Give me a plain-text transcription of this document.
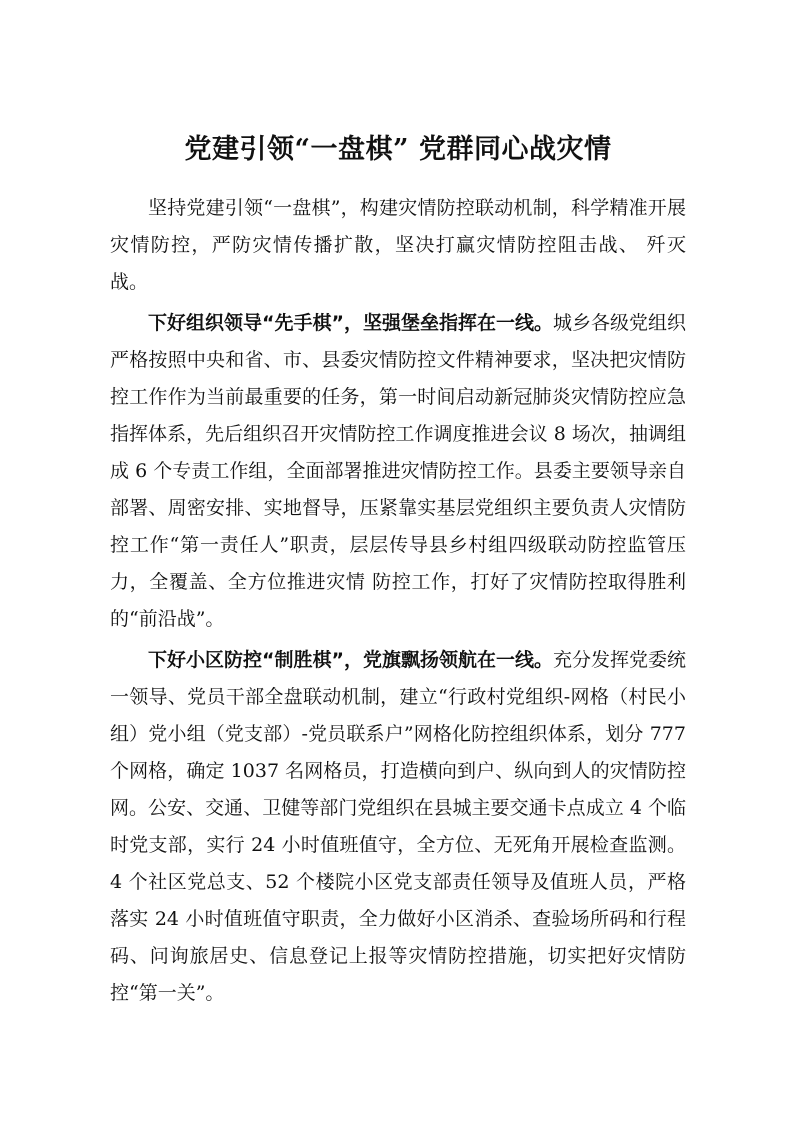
党建引领“一盘棋” 党群同心战灾情

坚持党建引领“一盘棋”，构建灾情防控联动机制，科学精准开展灾情防控，严防灾情传播扩散，坚决打赢灾情防控阻击战、 歼灭战。

下好组织领导“先手棋”，坚强堡垒指挥在一线。城乡各级党组织严格按照中央和省、市、县委灾情防控文件精神要求，坚决把灾情防控工作作为当前最重要的任务，第一时间启动新冠肺炎灾情防控应急指挥体系，先后组织召开灾情防控工作调度推进会议 8 场次，抽调组成 6 个专责工作组，全面部署推进灾情防控工作。县委主要领导亲自部署、周密安排、实地督导，压紧靠实基层党组织主要负责人灾情防控工作“第一责任人”职责，层层传导县乡村组四级联动防控监管压力，全覆盖、全方位推进灾情 防控工作，打好了灾情防控取得胜利的“前沿战”。

下好小区防控“制胜棋”，党旗飘扬领航在一线。充分发挥党委统一领导、党员干部全盘联动机制，建立“行政村党组织-网格（村民小组）党小组（党支部）-党员联系户”网格化防控组织体系，划分 777 个网格，确定 1037 名网格员，打造横向到户、纵向到人的灾情防控网。公安、交通、卫健等部门党组织在县城主要交通卡点成立 4 个临时党支部，实行 24 小时值班值守，全方位、无死角开展检查监测。4 个社区党总支、52 个楼院小区党支部责任领导及值班人员，严格落实 24 小时值班值守职责，全力做好小区消杀、查验场所码和行程码、问询旅居史、信息登记上报等灾情防控措施，切实把好灾情防控“第一关”。
